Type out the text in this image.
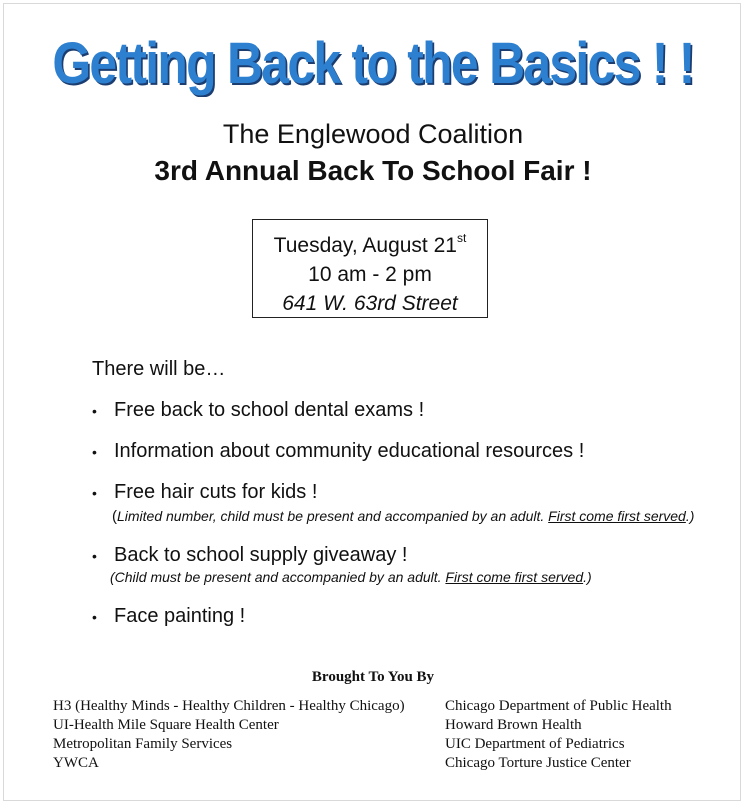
Getting Back to the Basics ! !
The Englewood Coalition
3rd Annual Back To School Fair !
Tuesday, August 21st
10 am - 2 pm
641 W. 63rd Street
There will be…
• Free back to school dental exams !
• Information about community educational resources !
• Free hair cuts for kids !
(Limited number, child must be present and accompanied by an adult. First come first served.)
• Back to school supply giveaway !
(Child must be present and accompanied by an adult. First come first served.)
• Face painting !
Brought To You By
H3 (Healthy Minds - Healthy Children - Healthy Chicago)
UI-Health Mile Square Health Center
Metropolitan Family Services
YWCA
Chicago Department of Public Health
Howard Brown Health
UIC Department of Pediatrics
Chicago Torture Justice Center
